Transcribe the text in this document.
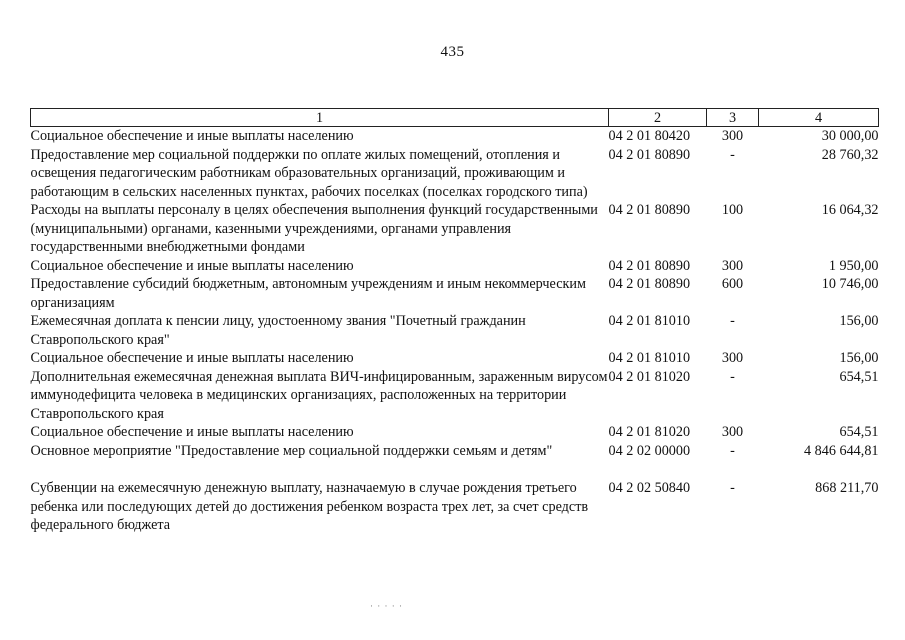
435
1	2	3	4
Социальное обеспечение и иные выплаты населению	04 2 01 80420	300	30 000,00
Предоставление мер социальной поддержки по оплате жилых помещений, отопления и освещения педагогическим работникам образовательных организаций, проживающим и работающим в сельских населенных пунктах, рабочих поселках (поселках городского типа)	04 2 01 80890	-	28 760,32
Расходы на выплаты персоналу в целях обеспечения выполнения функций государственными (муниципальными) органами, казенными учреждениями, органами управления государственными внебюджетными фондами	04 2 01 80890	100	16 064,32
Социальное обеспечение и иные выплаты населению	04 2 01 80890	300	1 950,00
Предоставление субсидий бюджетным, автономным учреждениям и иным некоммерческим организациям	04 2 01 80890	600	10 746,00
Ежемесячная доплата к пенсии лицу, удостоенному звания "Почетный гражданин Ставропольского края"	04 2 01 81010	-	156,00
Социальное обеспечение и иные выплаты населению	04 2 01 81010	300	156,00
Дополнительная ежемесячная денежная выплата ВИЧ-инфицированным, зараженным вирусом иммунодефицита человека в медицинских организациях, расположенных на территории Ставропольского края	04 2 01 81020	-	654,51
Социальное обеспечение и иные выплаты населению	04 2 01 81020	300	654,51
Основное мероприятие "Предоставление мер социальной поддержки семьям и детям"	04 2 02 00000	-	4 846 644,81

Субвенции на ежемесячную денежную выплату, назначаемую в случае рождения третьего ребенка или последующих детей до достижения ребенком возраста трех лет, за счет средств федерального бюджета	04 2 02 50840	-	868 211,70
· · · · ·
